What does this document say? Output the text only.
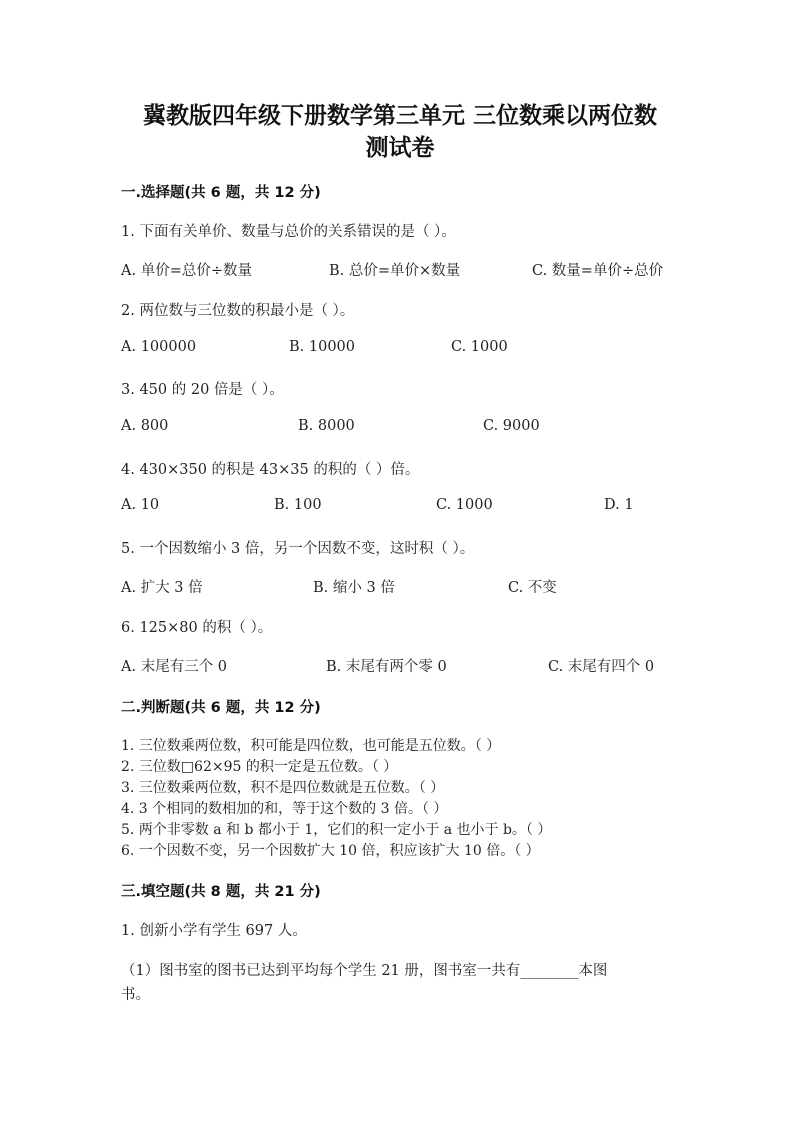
冀教版四年级下册数学第三单元 三位数乘以两位数
测试卷
一.选择题(共 6 题，共 12 分)
1. 下面有关单价、数量与总价的关系错误的是（ ）。
A. 单价=总价÷数量	B. 总价=单价×数量	C. 数量=单价÷总价
2. 两位数与三位数的积最小是（ ）。
A. 100000	B. 10000	C. 1000
3. 450 的 20 倍是（ ）。
A. 800	B. 8000	C. 9000
4. 430×350 的积是 43×35 的积的（ ）倍。
A. 10	B. 100	C. 1000	D. 1
5. 一个因数缩小 3 倍，另一个因数不变，这时积（ ）。
A. 扩大 3 倍	B. 缩小 3 倍	C. 不变
6. 125×80 的积（ ）。
A. 末尾有三个 0	B. 末尾有两个零 0	C. 末尾有四个 0
二.判断题(共 6 题，共 12 分)
1. 三位数乘两位数，积可能是四位数，也可能是五位数。（ ）
2. 三位数□62×95 的积一定是五位数。（ ）
3. 三位数乘两位数，积不是四位数就是五位数。（ ）
4. 3 个相同的数相加的和，等于这个数的 3 倍。（ ）
5. 两个非零数 a 和 b 都小于 1，它们的积一定小于 a 也小于 b。（ ）
6. 一个因数不变，另一个因数扩大 10 倍，积应该扩大 10 倍。（ ）
三.填空题(共 8 题，共 21 分)
1. 创新小学有学生 697 人。
（1）图书室的图书已达到平均每个学生 21 册，图书室一共有________本图
书。
